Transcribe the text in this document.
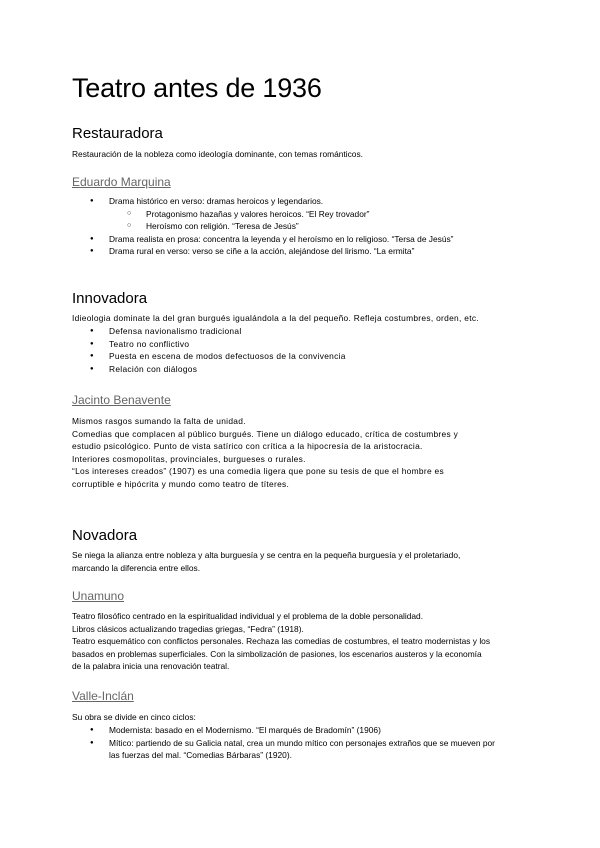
Teatro antes de 1936
Restauradora

Restauración de la nobleza como ideología dominante, con temas románticos.

Eduardo Marquina
● Drama histórico en verso: dramas heroicos y legendarios.
○ Protagonismo hazañas y valores heroicos. “El Rey trovador”
○ Heroísmo con religión. “Teresa de Jesús”
● Drama realista en prosa: concentra la leyenda y el heroísmo en lo religioso. “Tersa de Jesús”
● Drama rural en verso: verso se ciñe a la acción, alejándose del lirismo. “La ermita”
Innovadora

Idieologia dominate la del gran burgués igualándola a la del pequeño. Refleja costumbres, orden, etc.

● Defensa navionalismo tradicional
● Teatro no conflictivo
● Puesta en escena de modos defectuosos de la convivencia
● Relación con diálogos
Jacinto Benavente
Mismos rasgos sumando la falta de unidad.
Comedias que complacen al público burgués. Tiene un diálogo educado, crítica de costumbres y
estudio psicológico. Punto de vista satírico con crítica a la hipocresía de la aristocracia.
Interiores cosmopolitas, provinciales, burgueses o rurales.
“Los intereses creados” (1907) es una comedia ligera que pone su tesis de que el hombre es
corruptible e hipócrita y mundo como teatro de títeres.
Novadora
Se niega la alianza entre nobleza y alta burguesía y se centra en la pequeña burguesía y el proletariado,
marcando la diferencia entre ellos.
Unamuno
Teatro filosófico centrado en la espiritualidad individual y el problema de la doble personalidad.
Libros clásicos actualizando tragedias griegas, “Fedra” (1918).
Teatro esquemático con conflictos personales. Rechaza las comedias de costumbres, el teatro modernistas y los
basados en problemas superficiales. Con la simbolización de pasiones, los escenarios austeros y la economía
de la palabra inicia una renovación teatral.
Valle-Inclán

Su obra se divide en cinco ciclos:

● Modernista: basado en el Modernismo. “El marqués de Bradomín” (1906)
● Mítico: partiendo de su Galicia natal, crea un mundo mítico con personajes extraños que se mueven por
las fuerzas del mal. “Comedias Bárbaras” (1920).
